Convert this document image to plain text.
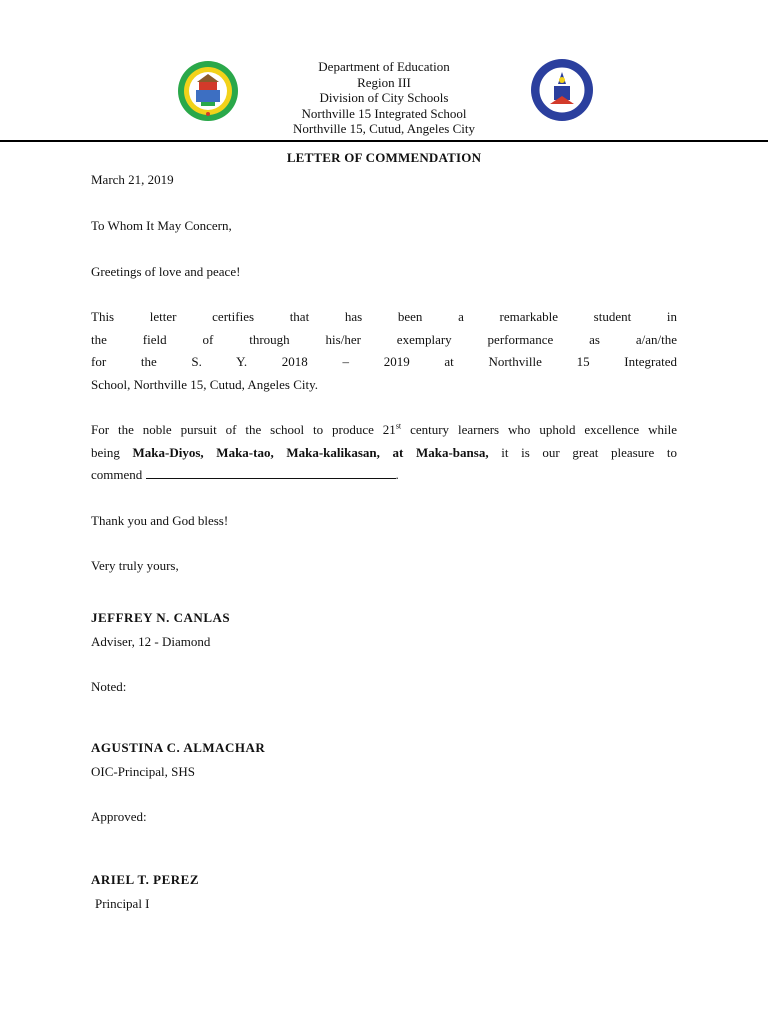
Department of Education
Region III
Division of City Schools
Northville 15 Integrated School
Northville 15, Cutud, Angeles City
LETTER OF COMMENDATION
March 21, 2019
To Whom It May Concern,
Greetings of love and peace!
This letter certifies that	has been a remarkable student in
the field of	through his/her exemplary performance as a/an/the
for the S. Y. 2018 – 2019 at Northville 15 Integrated
School, Northville 15, Cutud, Angeles City.
For the noble pursuit of the school to produce 21st century learners who uphold excellence while
being Maka-Diyos, Maka-tao, Maka-kalikasan, at Maka-bansa, it is our great pleasure to
commend	.
Thank you and God bless!
Very truly yours,
JEFFREY N. CANLAS
Adviser, 12 - Diamond
Noted:
AGUSTINA C. ALMACHAR
OIC-Principal, SHS
Approved:
ARIEL T. PEREZ
Principal I
